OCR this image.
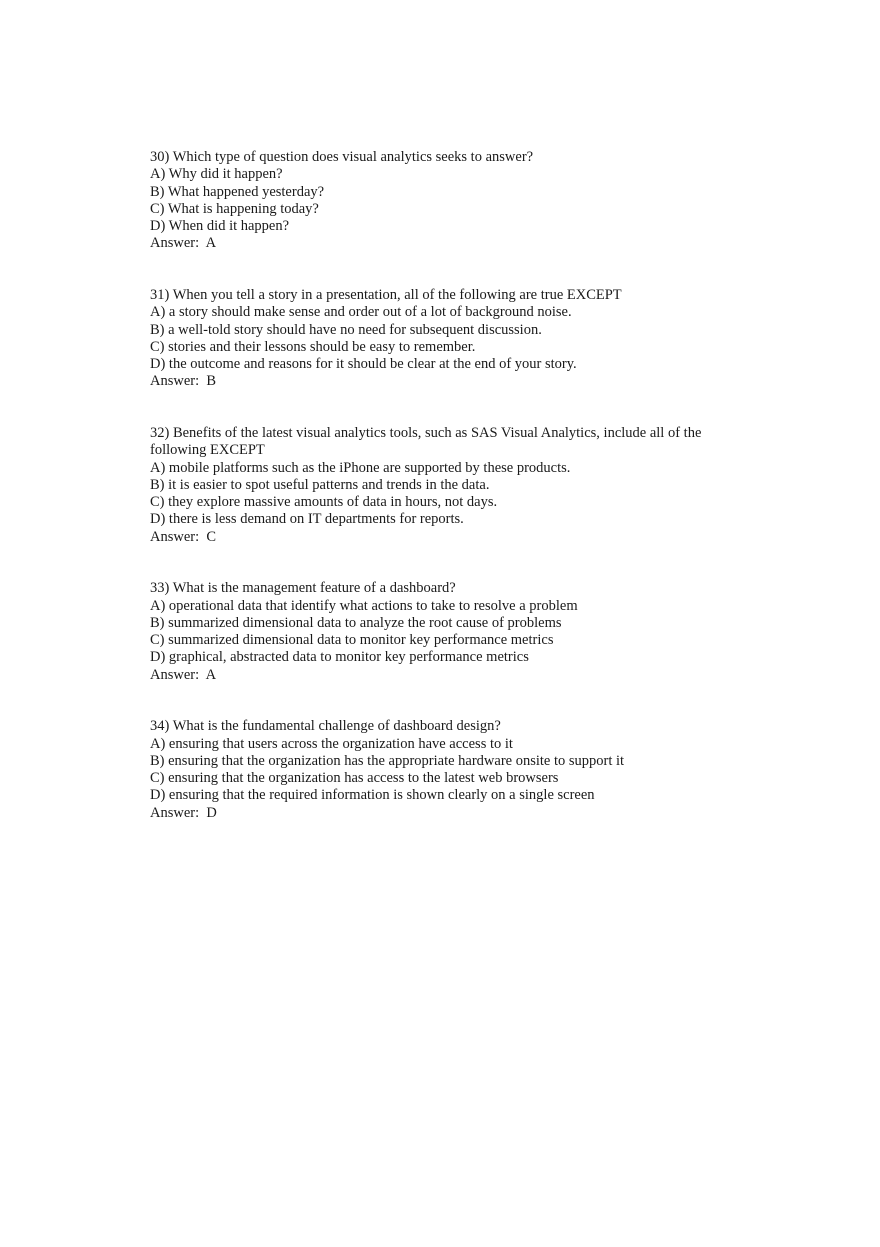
30) Which type of question does visual analytics seeks to answer?
A) Why did it happen?
B) What happened yesterday?
C) What is happening today?
D) When did it happen?
Answer:  A
31) When you tell a story in a presentation, all of the following are true EXCEPT
A) a story should make sense and order out of a lot of background noise.
B) a well-told story should have no need for subsequent discussion.
C) stories and their lessons should be easy to remember.
D) the outcome and reasons for it should be clear at the end of your story.
Answer:  B
32) Benefits of the latest visual analytics tools, such as SAS Visual Analytics, include all of the following EXCEPT
A) mobile platforms such as the iPhone are supported by these products.
B) it is easier to spot useful patterns and trends in the data.
C) they explore massive amounts of data in hours, not days.
D) there is less demand on IT departments for reports.
Answer:  C
33) What is the management feature of a dashboard?
A) operational data that identify what actions to take to resolve a problem
B) summarized dimensional data to analyze the root cause of problems
C) summarized dimensional data to monitor key performance metrics
D) graphical, abstracted data to monitor key performance metrics
Answer:  A
34) What is the fundamental challenge of dashboard design?
A) ensuring that users across the organization have access to it
B) ensuring that the organization has the appropriate hardware onsite to support it
C) ensuring that the organization has access to the latest web browsers
D) ensuring that the required information is shown clearly on a single screen
Answer:  D
